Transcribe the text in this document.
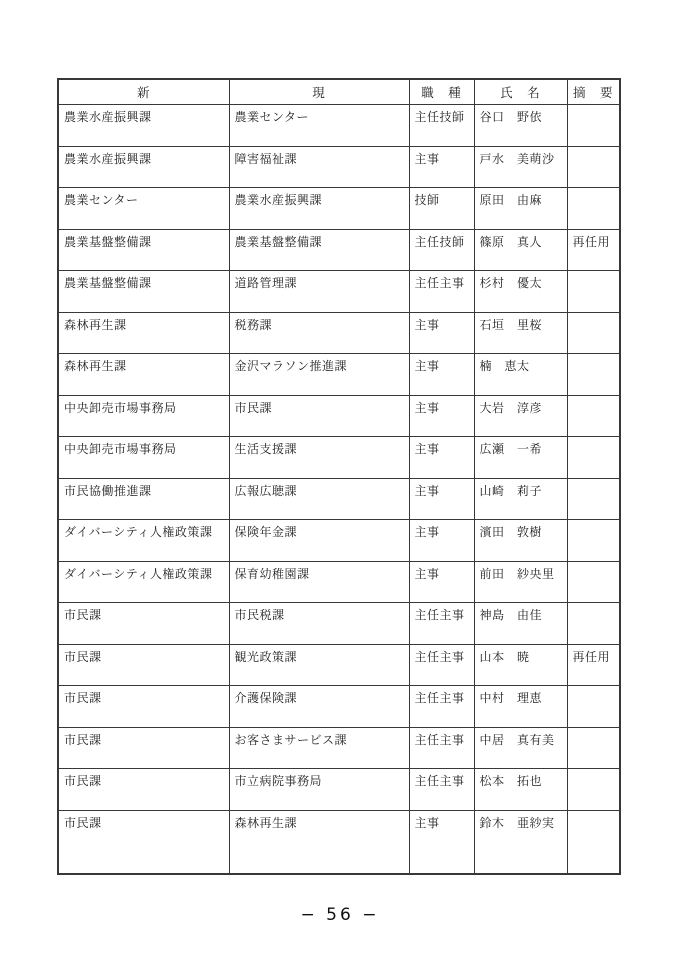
新	現	職　種	氏　名	摘　要
農業水産振興課	農業センター	主任技師	谷口　野依	
農業水産振興課	障害福祉課	主事	戸水　美萌沙	
農業センター	農業水産振興課	技師	原田　由麻	
農業基盤整備課	農業基盤整備課	主任技師	篠原　真人	再任用
農業基盤整備課	道路管理課	主任主事	杉村　優太	
森林再生課	税務課	主事	石垣　里桜	
森林再生課	金沢マラソン推進課	主事	楠　恵太	
中央卸売市場事務局	市民課	主事	大岩　淳彦	
中央卸売市場事務局	生活支援課	主事	広瀬　一希	
市民協働推進課	広報広聴課	主事	山崎　莉子	
ダイバーシティ人権政策課	保険年金課	主事	濱田　敦樹	
ダイバーシティ人権政策課	保育幼稚園課	主事	前田　紗央里	
市民課	市民税課	主任主事	神島　由佳	
市民課	観光政策課	主任主事	山本　暁	再任用
市民課	介護保険課	主任主事	中村　理恵	
市民課	お客さまサービス課	主任主事	中居　真有美	
市民課	市立病院事務局	主任主事	松本　拓也	
市民課	森林再生課	主事	鈴木　亜紗実	
− 56 −
